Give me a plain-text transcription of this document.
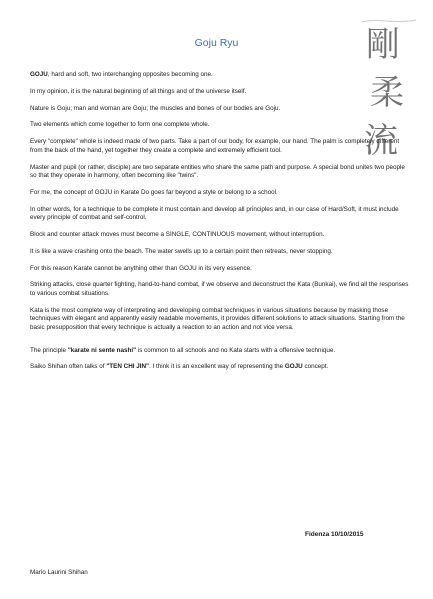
Goju Ryu	剛
柔
流

GOJU, hard and soft, two interchanging opposites becoming one.

In my opinion, it is the natural beginning of all things and of the universe itself.

Nature is Goju; man and woman are Goju; the muscles and bones of our bodies are Goju.

Two elements which come together to form one complete whole.

Every "complete" whole is indeed made of two parts. Take a part of our body, for example, our hand. The palm is completely different from the back of the hand, yet together they create a complete and extremely efficient tool.

Master and pupil (or rather, disciple) are two separate entities who share the same path and purpose. A special bond unites two people so that they operate in harmony, often becoming like "twins".

For me, the concept of GOJU in Karate Do goes far beyond a style or belong to a school.

In other words, for a technique to be complete it must contain and develop all principles and, in our case of Hard/Soft, it must include every principle of combat and self-control.

Block and counter attack moves must become a SINGLE, CONTINUOUS movement, without interruption.

It is like a wave crashing onto the beach. The water swells up to a certain point then retreats, never stopping.

For this reason Karate cannot be anything other than GOJU in its very essence.

Striking attacks, close quarter fighting, hand-to-hand combat, if we observe and deconstruct the Kata (Bunkai), we find all the responses to various combat situations.

Kata is the most complete way of interpreting and developing combat techniques in various situations because by masking those techniques with elegant and apparently easily readable movements, it provides different solutions to attack situations. Starting from the basic presupposition that every technique is actually a reaction to an action and not vice versa.

The principle "karate ni sente nashi" is common to all schools and no Kata starts with a offensive technique.

Saiko Shihan often talks of "TEN CHI JIN". I think it is an excellent way of representing the GOJU concept.

Fidenza 10/10/2015
Mario Laurini Shihan
